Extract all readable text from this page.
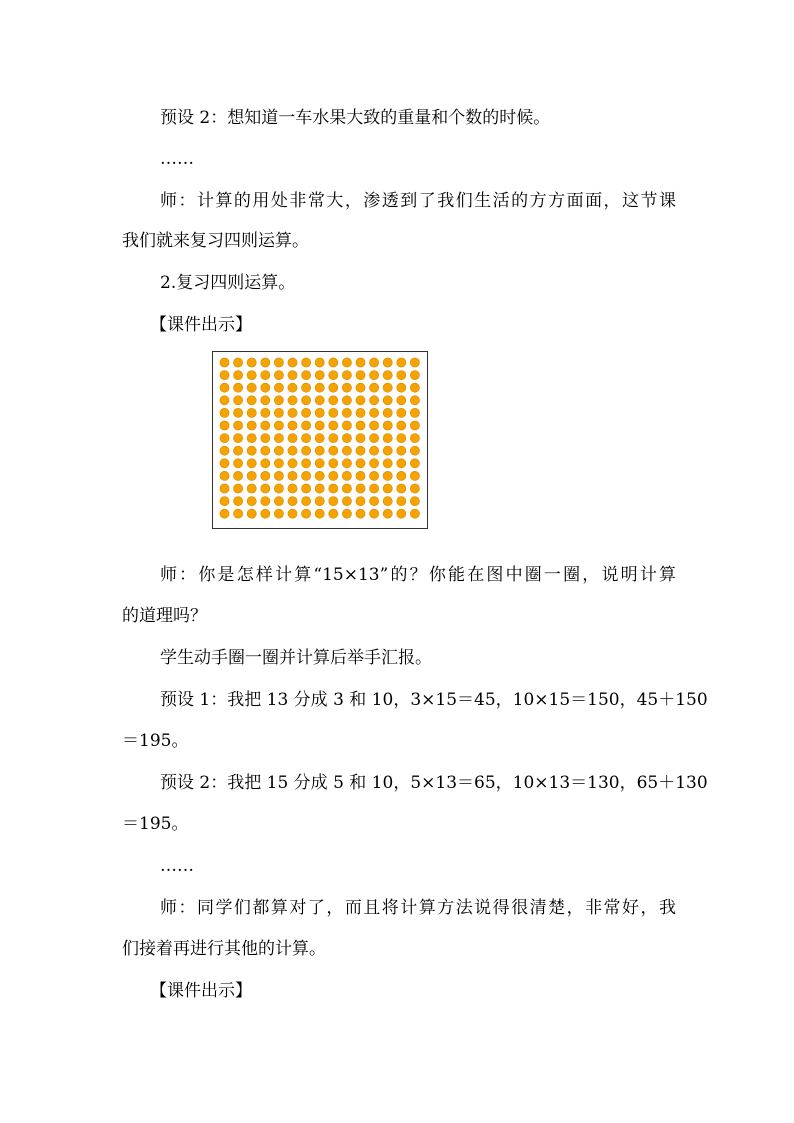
预设 2：想知道一车水果大致的重量和个数的时候。
……
师：计算的用处非常大，渗透到了我们生活的方方面面，这节课
我们就来复习四则运算。
2.复习四则运算。
【课件出示】
师：你是怎样计算“15×13”的？你能在图中圈一圈，说明计算
的道理吗？
学生动手圈一圈并计算后举手汇报。
预设 1：我把 13 分成 3 和 10，3×15＝45，10×15＝150，45＋150
＝195。
预设 2：我把 15 分成 5 和 10，5×13＝65，10×13＝130，65＋130
＝195。
……
师：同学们都算对了，而且将计算方法说得很清楚，非常好，我
们接着再进行其他的计算。
【课件出示】
